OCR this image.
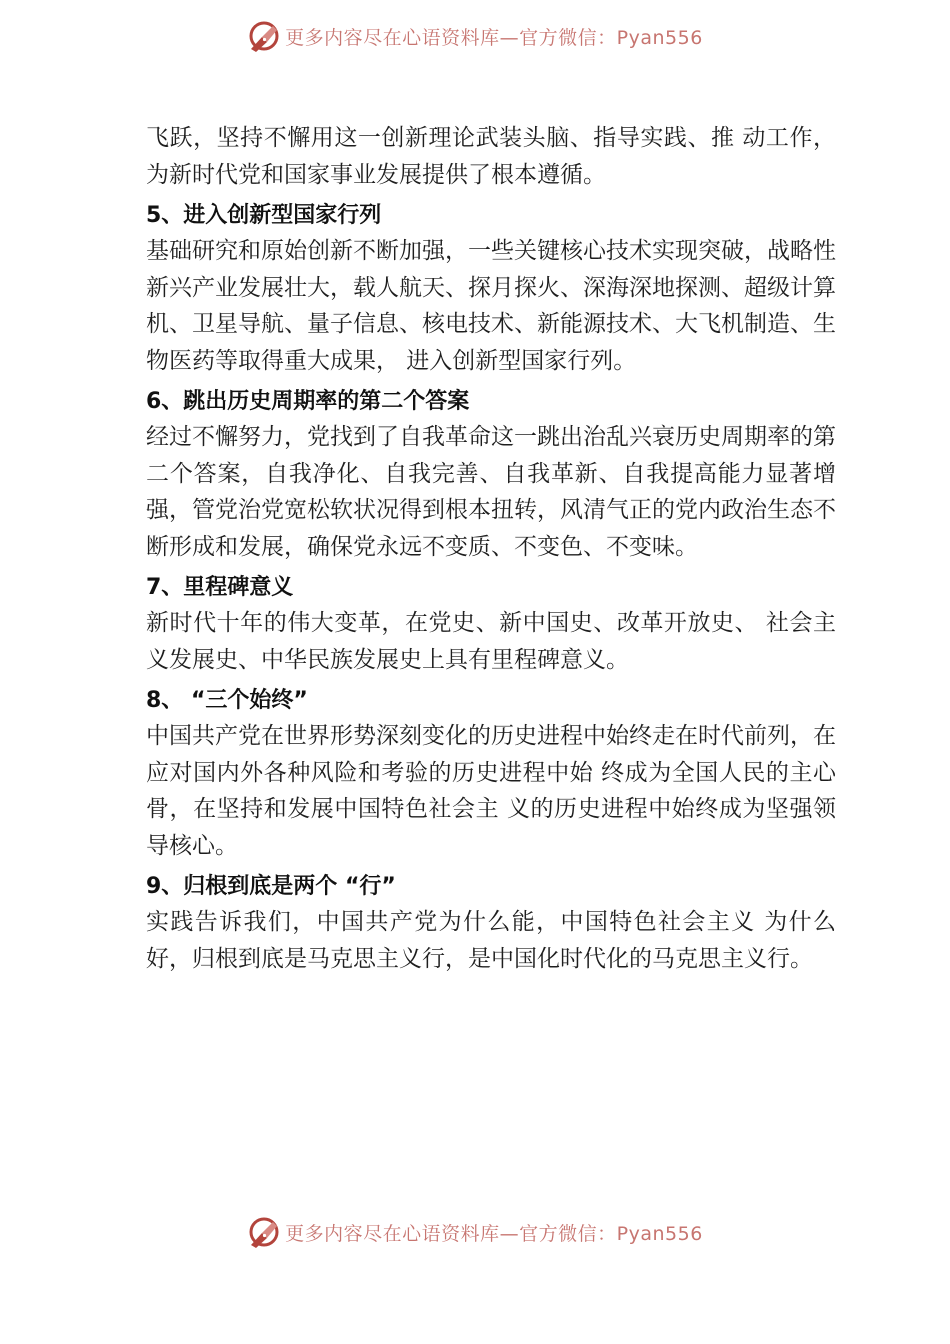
更多内容尽在心语资料库—官方微信：Pyan556

飞跃，坚持不懈用这一创新理论武装头脑、指导实践、推 动工作，为新时代党和国家事业发展提供了根本遵循。

5、进入创新型国家行列

基础研究和原始创新不断加强，一些关键核心技术实现突破，战略性新兴产业发展壮大，载人航天、探月探火、深海深地探测、超级计算机、卫星导航、量子信息、核电技术、新能源技术、大飞机制造、生物医药等取得重大成果， 进入创新型国家行列。

6、跳出历史周期率的第二个答案

经过不懈努力，党找到了自我革命这一跳出治乱兴衰历史周期率的第二个答案，自我净化、自我完善、自我革新、自我提高能力显著增强，管党治党宽松软状况得到根本扭转，风清气正的党内政治生态不断形成和发展，确保党永远不变质、不变色、不变味。

7、里程碑意义

新时代十年的伟大变革，在党史、新中国史、改革开放史、 社会主义发展史、中华民族发展史上具有里程碑意义。

8、 “三个始终”

中国共产党在世界形势深刻变化的历史进程中始终走在时代前列，在应对国内外各种风险和考验的历史进程中始 终成为全国人民的主心骨，在坚持和发展中国特色社会主 义的历史进程中始终成为坚强领导核心。

9、归根到底是两个 “行”

实践告诉我们，中国共产党为什么能，中国特色社会主义 为什么好，归根到底是马克思主义行，是中国化时代化的马克思主义行。

更多内容尽在心语资料库—官方微信：Pyan556
